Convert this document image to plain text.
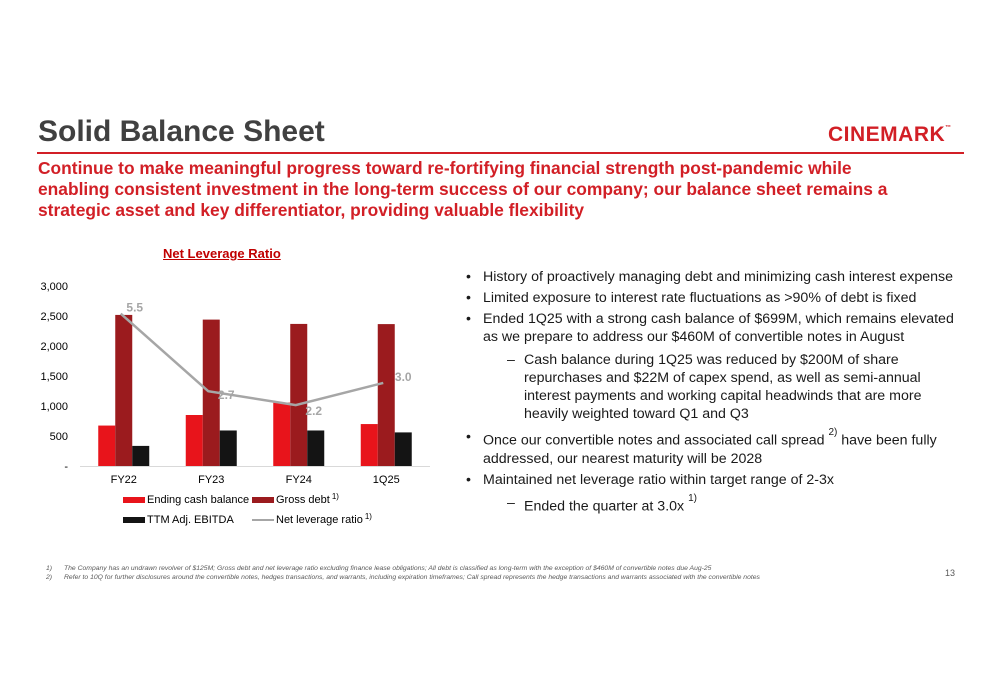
Solid Balance Sheet	CINEMARK™
Continue to make meaningful progress toward re-fortifying financial strength post-pandemic while
enabling consistent investment in the long-term success of our company; our balance sheet remains a
strategic asset and key differentiator, providing valuable flexibility
Net Leverage Ratio
-
500
1,000
1,500
2,000
2,500
3,000
FY22	FY23	FY24	1Q25
5.5
2.7
2.2
3.0
Ending cash balance Gross debt $^{1)}$
TTM Adj. EBITDA	Net leverage ratio $^{1)}$
• History of proactively managing debt and minimizing cash interest expense
• Limited exposure to interest rate fluctuations as >90% of debt is fixed
• Ended 1Q25 with a strong cash balance of $699M, which remains elevated
as we prepare to address our $460M of convertible notes in August
– Cash balance during 1Q25 was reduced by $200M of share
repurchases and $22M of capex spend, as well as semi-annual
interest payments and working capital headwinds that are more
heavily weighted toward Q1 and Q3
• Once our convertible notes and associated call spread $^{2)}$ have been fully
addressed, our nearest maturity will be 2028
• Maintained net leverage ratio within target range of 2-3x
– Ended the quarter at 3.0x $^{1)}$
1)	The Company has an undrawn revolver of $125M; Gross debt and net leverage ratio excluding finance lease obligations; All debt is classified as long-term with the exception of $460M of convertible notes due Aug-25
2)	Refer to 10Q for further disclosures around the convertible notes, hedges transactions, and warrants, including expiration timeframes; Call spread represents the hedge transactions and warrants associated with the convertible notes	13
